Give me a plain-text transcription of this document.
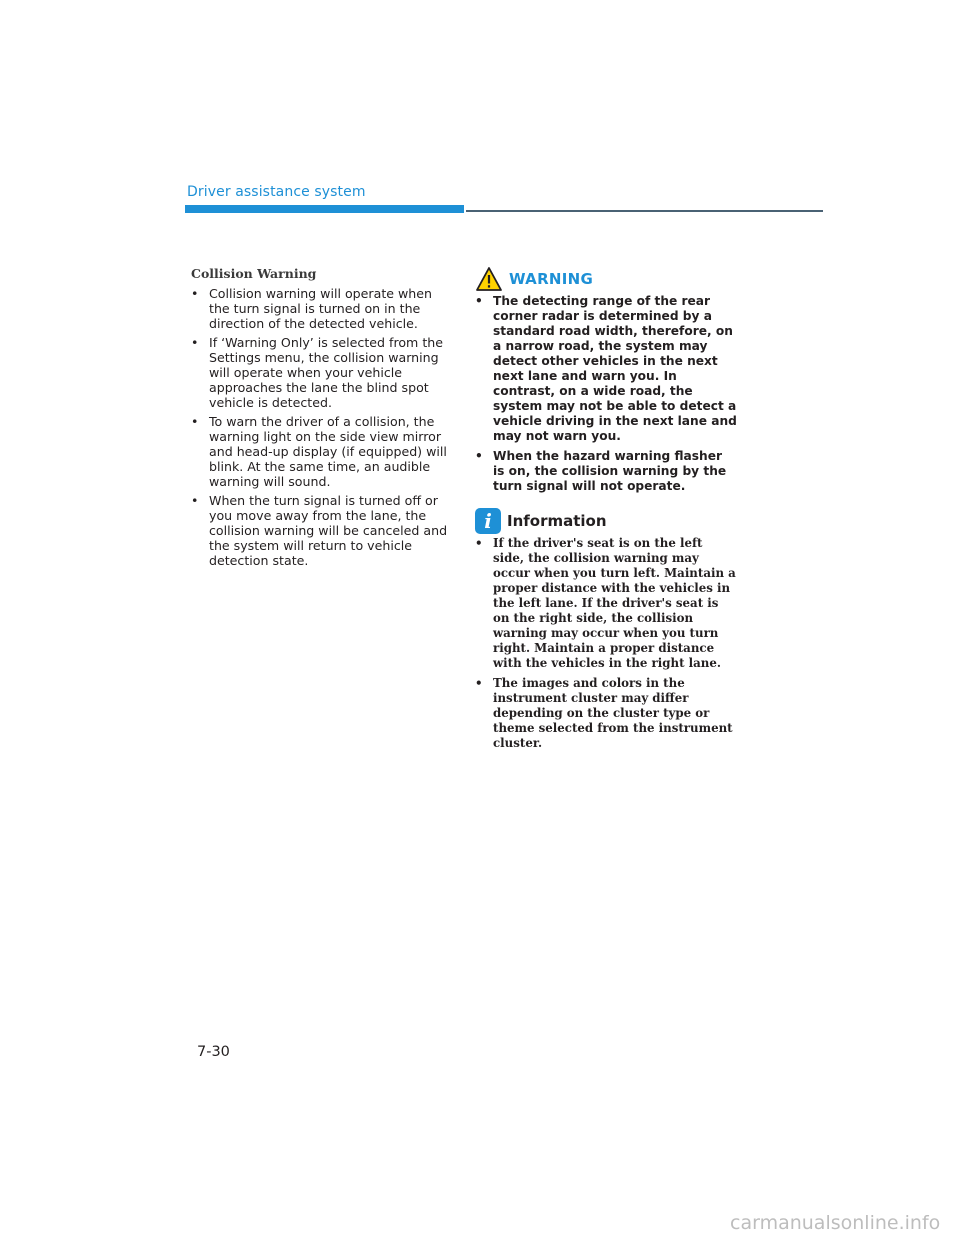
Driver assistance system
Collision Warning
• Collision warning will operate when the turn signal is turned on in the direction of the detected vehicle.
• If ‘Warning Only’ is selected from the Settings menu, the collision warning will operate when your vehicle approaches the lane the blind spot vehicle is detected.
• To warn the driver of a collision, the warning light on the side view mirror and head-up display (if equipped) will blink. At the same time, an audible warning will sound.
• When the turn signal is turned off or you move away from the lane, the collision warning will be canceled and the system will return to vehicle detection state.
WARNING
• The detecting range of the rear corner radar is determined by a standard road width, therefore, on a narrow road, the system may detect other vehicles in the next next lane and warn you. In contrast, on a wide road, the system may not be able to detect a vehicle driving in the next lane and may not warn you.
• When the hazard warning flasher is on, the collision warning by the turn signal will not operate.
i	Information
• If the driver's seat is on the left side, the collision warning may occur when you turn left. Maintain a proper distance with the vehicles in the left lane. If the driver's seat is on the right side, the collision warning may occur when you turn right. Maintain a proper distance with the vehicles in the right lane.
• The images and colors in the instrument cluster may differ depending on the cluster type or theme selected from the instrument cluster.
7-30
carmanualsonline.info
